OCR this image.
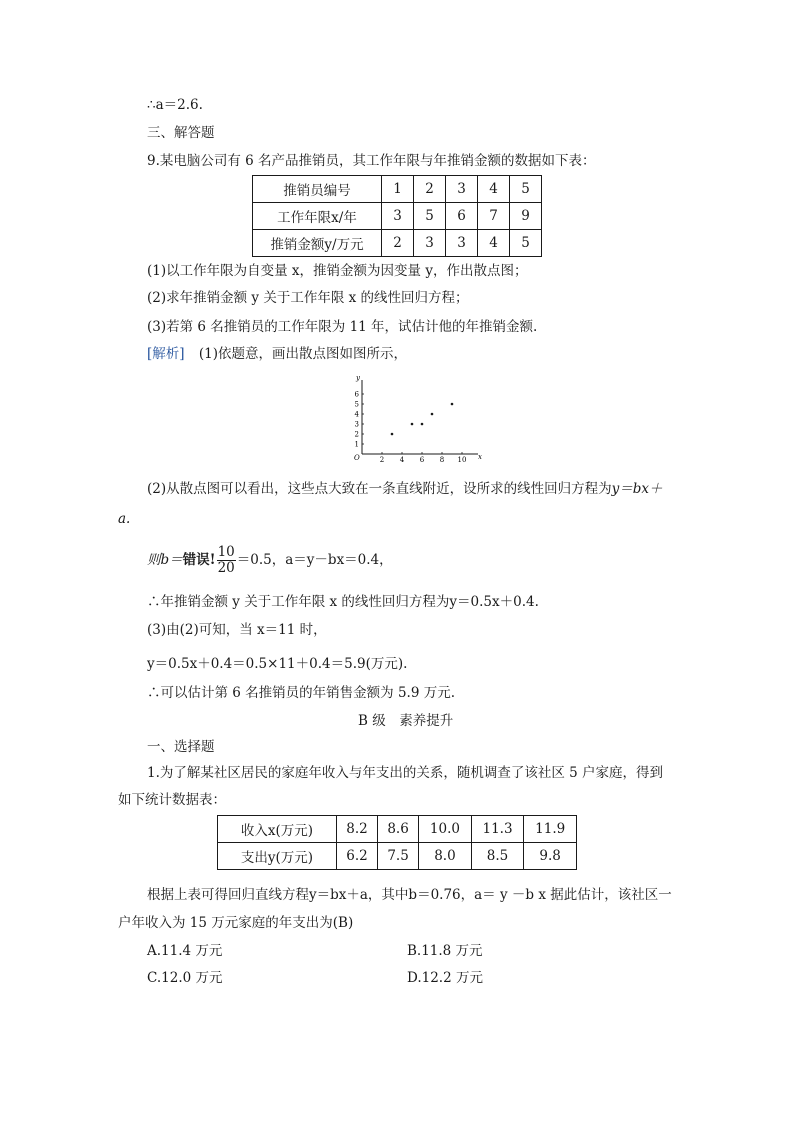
∴a＝2.6.
三、解答题
9.某电脑公司有 6 名产品推销员，其工作年限与年推销金额的数据如下表：
推销员编号	1	2	3	4	5
工作年限x/年	3	5	6	7	9
推销金额y/万元	2	3	3	4	5
(1)以工作年限为自变量 x，推销金额为因变量 y，作出散点图；
(2)求年推销金额 y 关于工作年限 x 的线性回归方程；
(3)若第 6 名推销员的工作年限为 11 年，试估计他的年推销金额.
[解析] (1)依题意，画出散点图如图所示，
x
y
O	2 4 6 8 10
1
2
3
4
5
6
(2)从散点图可以看出，这些点大致在一条直线附近，设所求的线性回归方程为y＝bx＋
a.
则b＝错误! $\frac{10}{20} =0.5$，a＝y－bx＝0.4，
∴年推销金额 y 关于工作年限 x 的线性回归方程为y＝0.5x＋0.4.
(3)由(2)可知，当 x＝11 时，
y＝0.5x＋0.4＝0.5×11＋0.4＝5.9(万元).
∴可以估计第 6 名推销员的年销售金额为 5.9 万元.
B 级　素养提升
一、选择题
1.为了解某社区居民的家庭年收入与年支出的关系，随机调查了该社区 5 户家庭，得到
如下统计数据表：
收入x(万元)	8.2	8.6	10.0	11.3	11.9
支出y(万元)	6.2	7.5	8.0	8.5	9.8
根据上表可得回归直线方程y＝bx＋a，其中b＝0.76，a＝ y －b x 据此估计，该社区一
户年收入为 15 万元家庭的年支出为(B)
A.11.4 万元	B.11.8 万元
C.12.0 万元	D.12.2 万元
